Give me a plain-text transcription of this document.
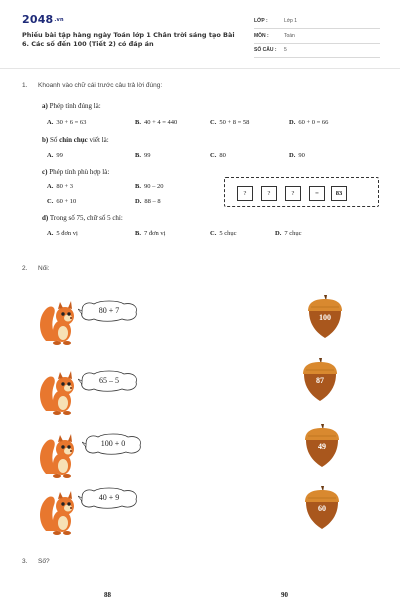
2048.vn
Phiếu bài tập hàng ngày Toán lớp 1 Chân trời sáng tạo Bài 6. Các số đến 100 (Tiết 2) có đáp án
LỚP :	Lớp 1
MÔN :	Toán
SỐ CÂU : 5
1. Khoanh vào chữ cái trước câu trả lời đúng:
a) Phép tính đúng là:
A. 30 + 6 = 63	B. 40 + 4 = 440	C. 50 + 8 = 58	D. 60 + 0 = 66
b) Số chín chục viết là:
A. 99	B. 99	C. 80	D. 90
c) Phép tính phù hợp là:
A. 80 + 3	B. 90 – 20
C. 60 + 10	D. 88 – 8
?	?	?	=	83
d) Trong số 75, chữ số 5 chỉ:
A. 5 đơn vị	B. 7 đơn vị	C. 5 chục	D. 7 chục
2. Nối:
80 + 7
65 – 5
100 + 0
40 + 9
100
87
49
60
3. Số?
88	90
